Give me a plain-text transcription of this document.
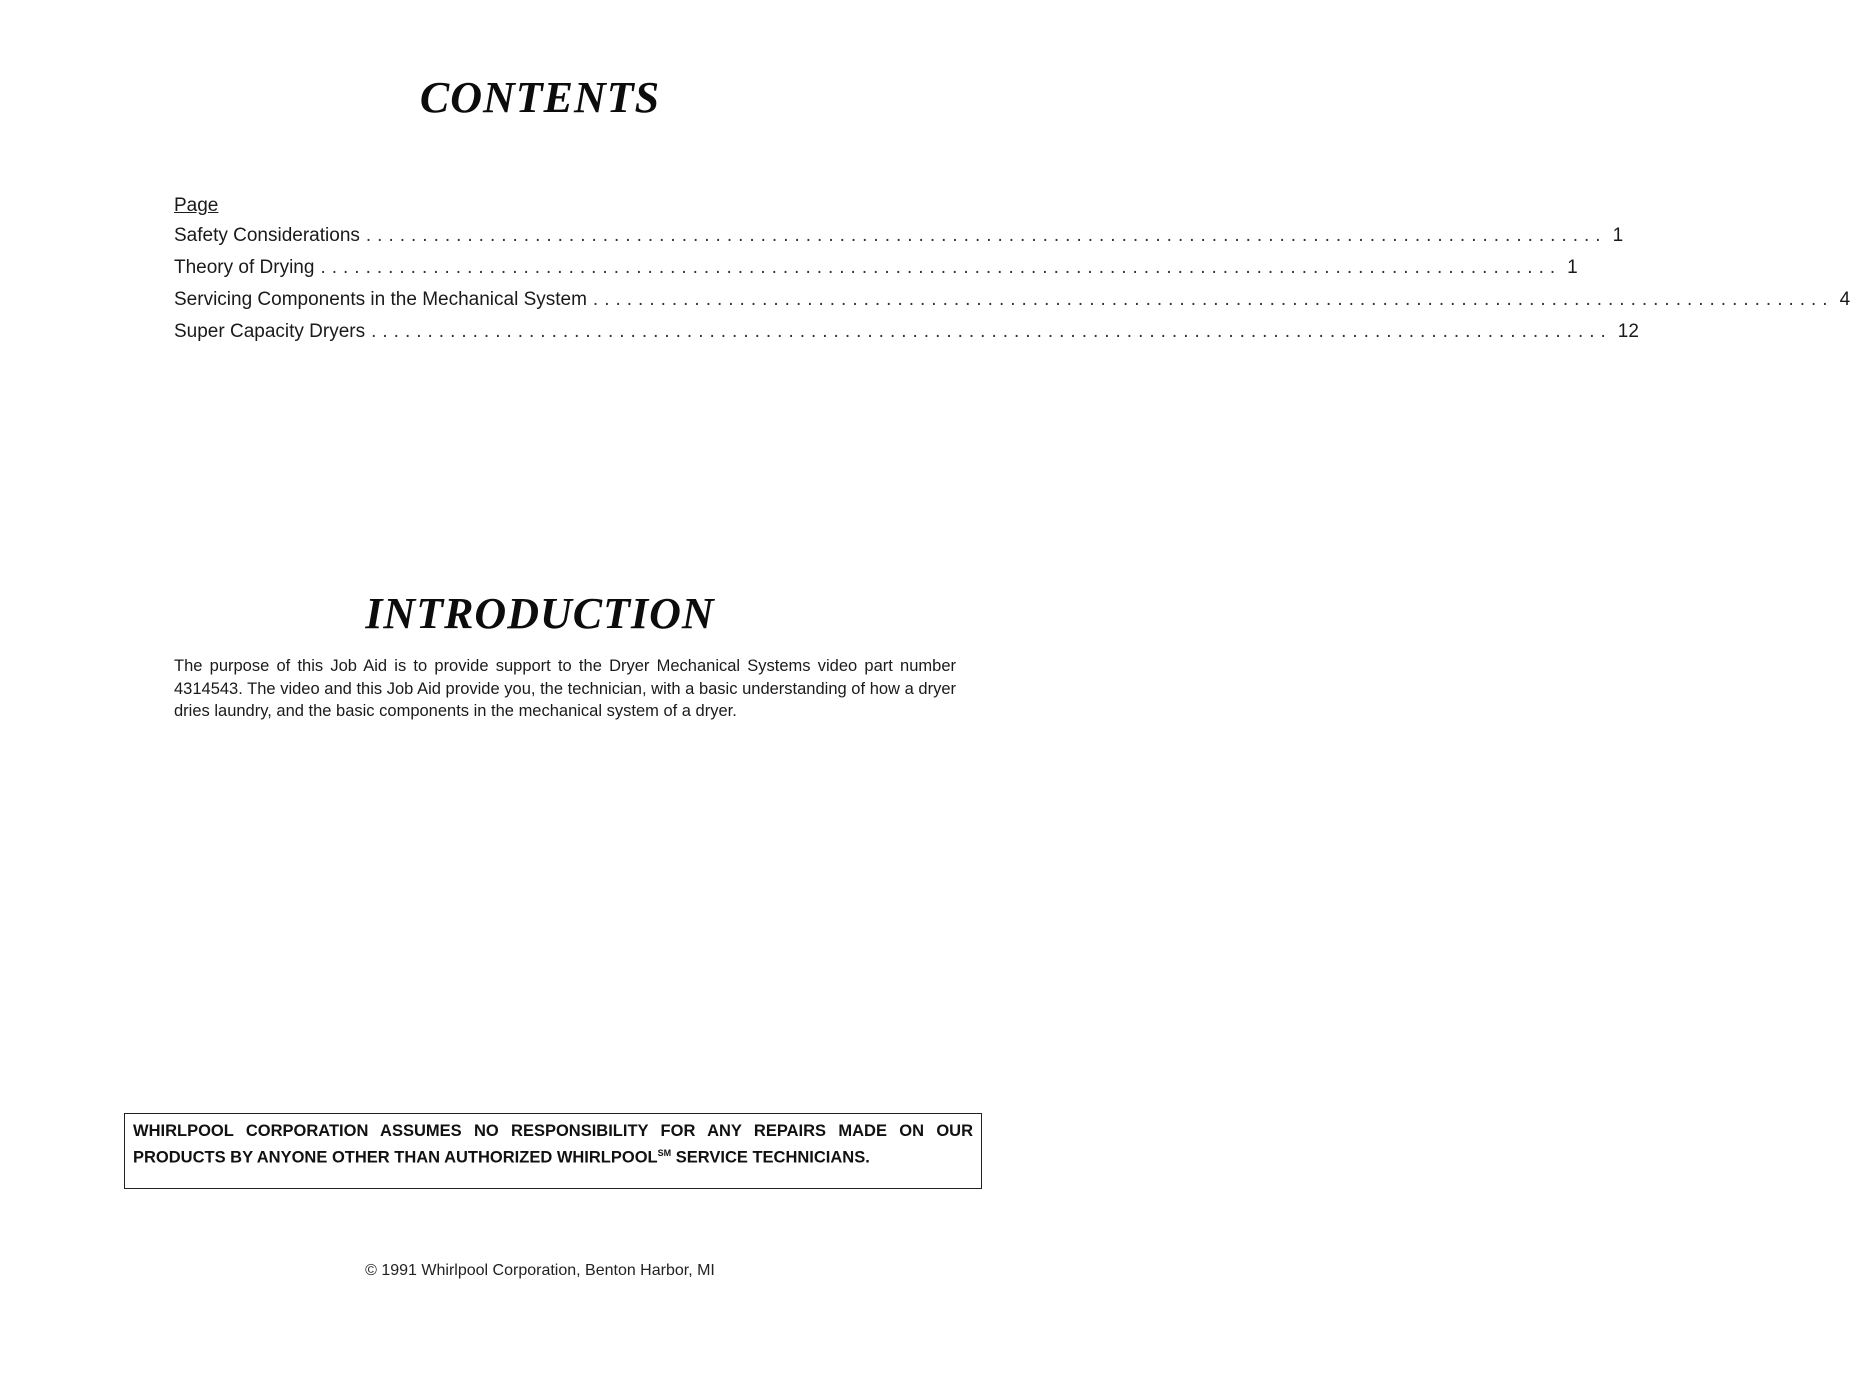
CONTENTS
Page
Safety Considerations .............................................................................................................. 1
Theory of Drying .............................................................................................................. 1
Servicing Components in the Mechanical System .............................................................................................................. 4
Super Capacity Dryers .............................................................................................................. 12
INTRODUCTION

The purpose of this Job Aid is to provide support to the Dryer Mechanical Systems video part number 4314543. The video and this Job Aid provide you, the technician, with a basic understanding of how a dryer dries laundry, and the basic components in the mechanical system of a dryer.

WHIRLPOOL CORPORATION ASSUMES NO RESPONSIBILITY FOR ANY REPAIRS MADE ON OUR PRODUCTS BY ANYONE OTHER THAN AUTHORIZED WHIRLPOOL℠ SERVICE TECHNICIANS.
© 1991 Whirlpool Corporation, Benton Harbor, MI
